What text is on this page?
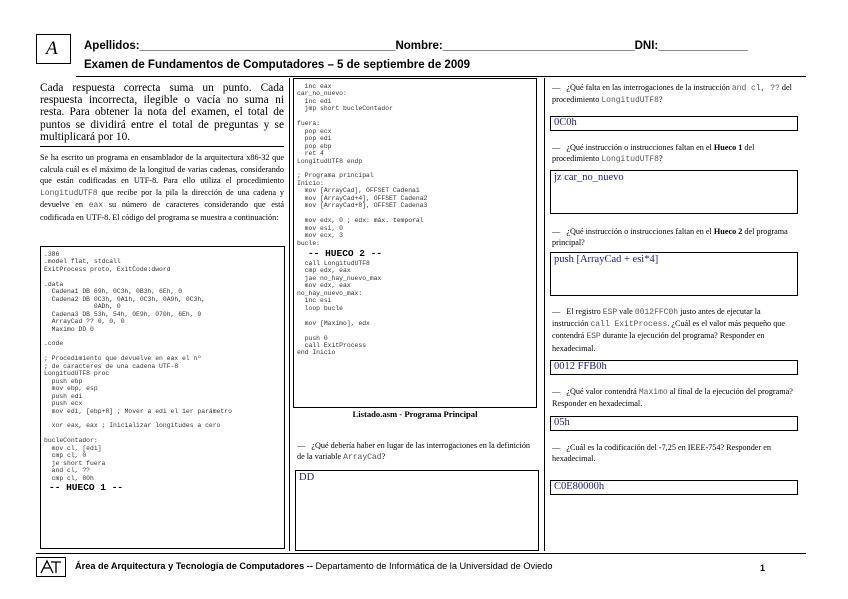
A Apellidos:________________________________________Nombre:______________________________DNI:______________
Examen de Fundamentos de Computadores – 5 de septiembre de 2009
Cada respuesta correcta suma un punto. Cada respuesta incorrecta, ilegible o vacía no suma ni resta. Para obtener la nota del examen, el total de puntos se dividirá entre el total de preguntas y se multiplicará por 10.
Se ha escrito un programa en ensamblador de la arquitectura x86-32 que calcula cuál es el máximo de la longitud de varias cadenas, considerando que están codificadas en UTF-8. Para ello utiliza el procedimiento LongitudUTF8 que recibe por la pila la dirección de una cadena y devuelve en eax su número de caracteres considerando que está codificada en UTF-8. El código del programa se muestra a continuación:
.386
.model flat, stdcall
ExitProcess proto, ExitCode:dword

.data
Cadena1 DB 69h, 0C3h, 0B3h, 6Eh, 0
Cadena2 DB 0C3h, 0A1h, 0C3h, 0A9h, 0C3h,
0ADh, 0
Cadena3 DB 53h, 54h, 0E9h, 070h, 6Eh, 0
ArrayCad ?? 0, 0, 0
Maximo DD 0

.code

; Procedimiento que devuelve en eax el nº
; de caracteres de una cadena UTF-8
LongitudUTF8 proc
push ebp
mov ebp, esp
push edi
push ecx
mov edi, [ebp+8] ; Mover a edi el 1er parámetro

xor eax, eax ; Inicializar longitudes a cero

bucleContador:
mov cl, [edi]
cmp cl, 0
je short fuera
and cl, ??
cmp cl, 80h
-- HUECO 1 --
inc eax
car_no_nuevo:
inc edi
jmp short bucleContador

fuera:
pop ecx
pop edi
pop ebp
ret 4
LongitudUTF8 endp

; Programa principal
Inicio:
mov [ArrayCad], OFFSET Cadena1
mov [ArrayCad+4], OFFSET Cadena2
mov [ArrayCad+8], OFFSET Cadena3

mov edx, 0 ; edx: máx. temporal
mov esi, 0
mov ecx, 3
bucle:
-- HUECO 2 --
call LongitudUTF8
cmp edx, eax
jae no_hay_nuevo_max
mov edx, eax
no_hay_nuevo_max:
inc esi
loop bucle

mov [Maximo], edx

push 0
call ExitProcess
end Inicio
Listado.asm - Programa Principal
— ¿Qué debería haber en lugar de las interrogaciones en la definición de la variable ArrayCad?
DD
— ¿Qué falta en las interrogaciones de la instrucción and cl, ?? del procedimiento LongitudUTF8?
0C0h
— ¿Qué instrucción o instrucciones faltan en el Hueco 1 del procedimiento LongitudUTF8?
jz car_no_nuevo
— ¿Qué instrucción o instrucciones faltan en el Hueco 2 del programa principal?
push [ArrayCad + esi*4]
— El registro ESP vale 0012FFC0h justo antes de ejecutar la instrucción call ExitProcess. ¿Cuál es el valor más pequeño que contendrá ESP durante la ejecución del programa? Responder en hexadecimal.
0012 FFB0h
— ¿Qué valor contendrá Maximo al final de la ejecución del programa? Responder en hexadecimal.
05h
— ¿Cuál es la codificación del -7,25 en IEEE-754? Responder en hexadecimal.
C0E80000h
Área de Arquitectura y Tecnología de Computadores -- Departamento de Informática de la Universidad de Oviedo	1
